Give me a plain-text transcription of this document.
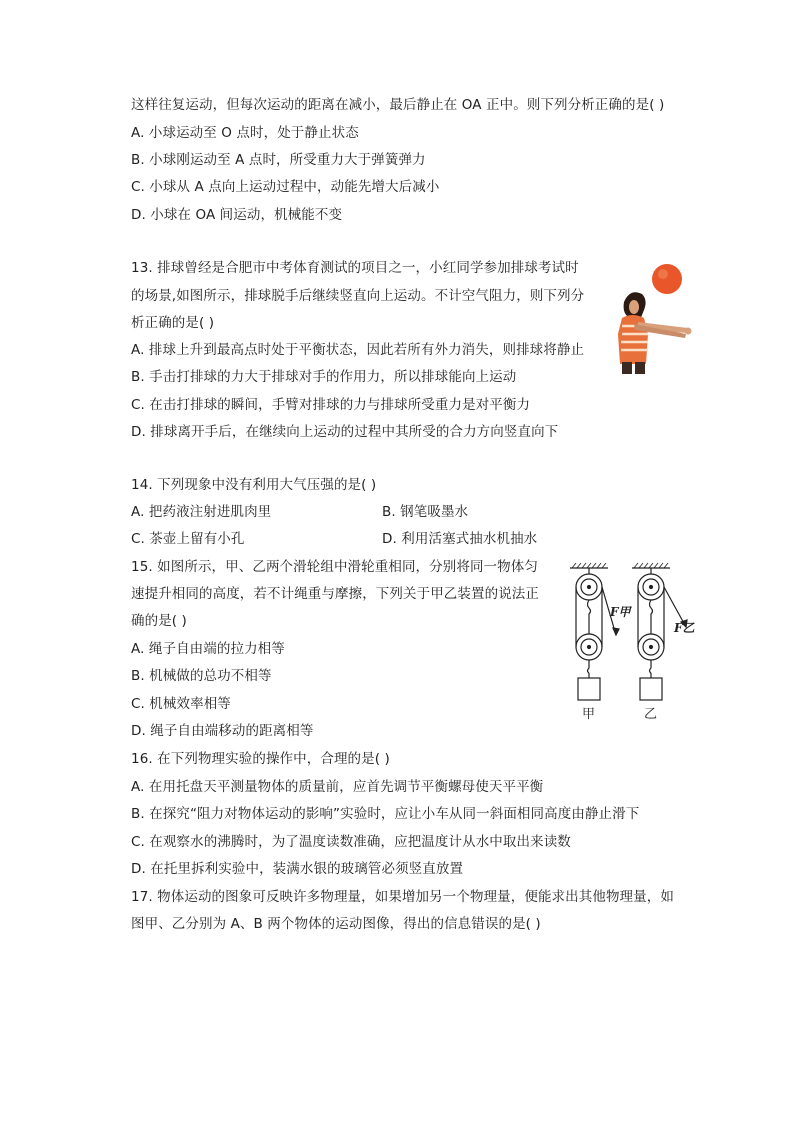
这样往复运动，但每次运动的距离在减小，最后静止在 OA 正中。则下列分析正确的是( )
A. 小球运动至 O 点时，处于静止状态
B. 小球刚运动至 A 点时，所受重力大于弹簧弹力
C. 小球从 A 点向上运动过程中，动能先增大后减小
D. 小球在 OA 间运动，机械能不变
13. 排球曾经是合肥市中考体育测试的项目之一，小红同学参加排球考试时
的场景,如图所示，排球脱手后继续竖直向上运动。不计空气阻力，则下列分
析正确的是( )
A. 排球上升到最高点时处于平衡状态，因此若所有外力消失，则排球将静止
B. 手击打排球的力大于排球对手的作用力，所以排球能向上运动
C. 在击打排球的瞬间，手臂对排球的力与排球所受重力是对平衡力
D. 排球离开手后，在继续向上运动的过程中其所受的合力方向竖直向下
14. 下列现象中没有利用大气压强的是( )
A. 把药液注射进肌肉里	B. 钢笔吸墨水
C. 茶壶上留有小孔	D. 利用活塞式抽水机抽水
15. 如图所示，甲、乙两个滑轮组中滑轮重相同，分别将同一物体匀
速提升相同的高度，若不计绳重与摩擦，下列关于甲乙装置的说法正
确的是( )
A. 绳子自由端的拉力相等
B. 机械做的总功不相等
C. 机械效率相等
D. 绳子自由端移动的距离相等
F甲
F乙
甲	乙
16. 在下列物理实验的操作中，合理的是( )
A. 在用托盘天平测量物体的质量前，应首先调节平衡螺母使天平平衡
B. 在探究“阻力对物体运动的影响”实验时，应让小车从同一斜面相同高度由静止滑下
C. 在观察水的沸腾时，为了温度读数准确，应把温度计从水中取出来读数
D. 在托里拆利实验中，装满水银的玻璃管必须竖直放置
17. 物体运动的图象可反映许多物理量，如果增加另一个物理量，便能求出其他物理量，如
图甲、乙分别为 A、B 两个物体的运动图像，得出的信息错误的是( )
